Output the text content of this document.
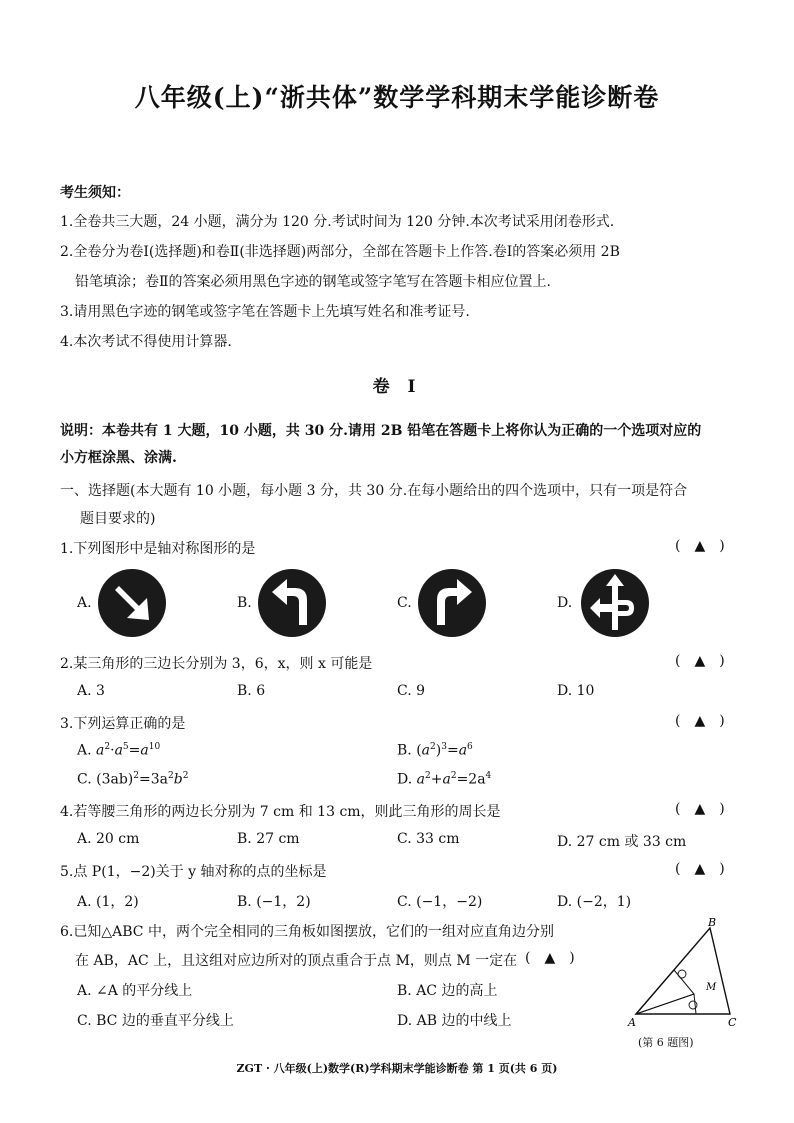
八年级(上)“浙共体”数学学科期末学能诊断卷
考生须知：
1.全卷共三大题，24 小题，满分为 120 分.考试时间为 120 分钟.本次考试采用闭卷形式.
2.全卷分为卷Ⅰ(选择题)和卷Ⅱ(非选择题)两部分，全部在答题卡上作答.卷Ⅰ的答案必须用 2B
铅笔填涂；卷Ⅱ的答案必须用黑色字迹的钢笔或签字笔写在答题卡相应位置上.
3.请用黑色字迹的钢笔或签字笔在答题卡上先填写姓名和准考证号.
4.本次考试不得使用计算器.
卷 Ⅰ
说明：本卷共有 1 大题，10 小题，共 30 分.请用 2B 铅笔在答题卡上将你认为正确的一个选项对应的
小方框涂黑、涂满.
一、选择题(本大题有 10 小题，每小题 3 分，共 30 分.在每小题给出的四个选项中，只有一项是符合
题目要求的)
1.下列图形中是轴对称图形的是	( ▲ )
A.	B.	C.	D.
2.某三角形的三边长分别为 3，6，x，则 x 可能是	( ▲ )
A. 3	B. 6	C. 9	D. 10
3.下列运算正确的是	( ▲ )
A. $a^2\cdot a^5=a^{10}$	B. $(a^2)^3=a^6$
C. $(3ab)^2=3a^2b^2$	D. $a^2+a^2=2a^4$
4.若等腰三角形的两边长分别为 7 cm 和 13 cm，则此三角形的周长是	( ▲ )
A. 20 cm	B. 27 cm	C. 33 cm	D. 27 cm 或 33 cm
5.点 P(1，−2)关于 y 轴对称的点的坐标是	( ▲ )
A. (1，2)	B. (−1，2)	C. (−1，−2)	D. (−2，1)
6.已知△ABC 中，两个完全相同的三角板如图摆放，它们的一组对应直角边分别
在 AB，AC 上，且这组对应边所对的顶点重合于点 M，则点 M 一定在 ( ▲ )
A. ∠A 的平分线上	B. AC 边的高上
C. BC 边的垂直平分线上	D. AB 边的中线上	A
B
C
M
(第 6 题图)
ZGT · 八年级(上)数学(R)学科期末学能诊断卷 第 1 页(共 6 页)
